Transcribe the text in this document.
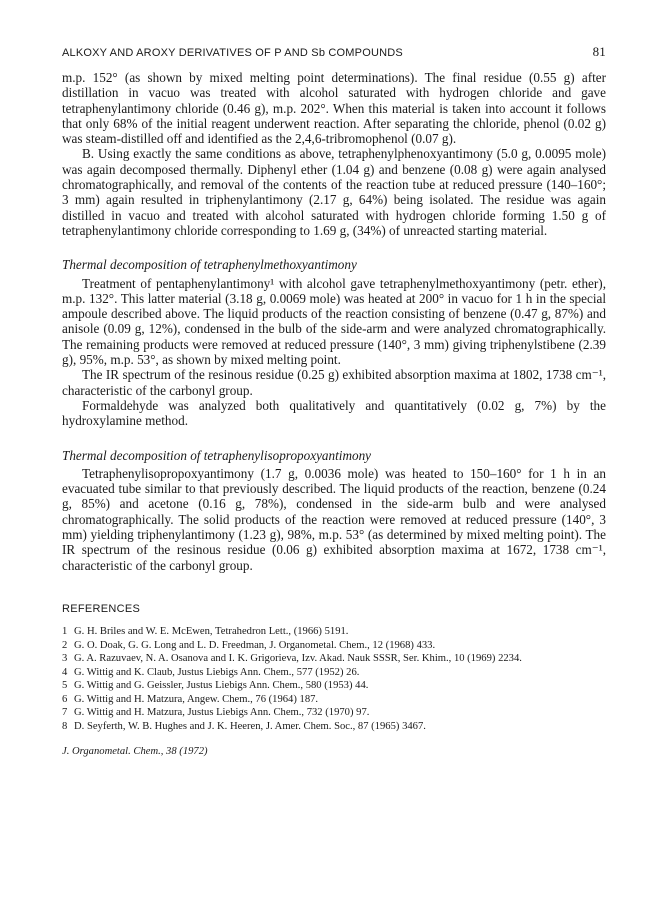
ALKOXY AND AROXY DERIVATIVES OF P AND Sb COMPOUNDS	81

m.p. 152° (as shown by mixed melting point determinations). The final residue (0.55 g) after distillation in vacuo was treated with alcohol saturated with hydrogen chloride and gave tetraphenylantimony chloride (0.46 g), m.p. 202°. When this material is taken into account it follows that only 68% of the initial reagent underwent reaction. After separating the chloride, phenol (0.02 g) was steam-distilled off and identified as the 2,4,6-tribromophenol (0.07 g).

B. Using exactly the same conditions as above, tetraphenylphenoxyantimony (5.0 g, 0.0095 mole) was again decomposed thermally. Diphenyl ether (1.04 g) and benzene (0.08 g) were again analysed chromatographically, and removal of the contents of the reaction tube at reduced pressure (140–160°; 3 mm) again resulted in triphenylantimony (2.17 g, 64%) being isolated. The residue was again distilled in vacuo and treated with alcohol saturated with hydrogen chloride forming 1.50 g of tetraphenylantimony chloride corresponding to 1.69 g, (34%) of unreacted starting material.

Thermal decomposition of tetraphenylmethoxyantimony

Treatment of pentaphenylantimony¹ with alcohol gave tetraphenylmethoxyantimony (petr. ether), m.p. 132°. This latter material (3.18 g, 0.0069 mole) was heated at 200° in vacuo for 1 h in the special ampoule described above. The liquid products of the reaction consisting of benzene (0.47 g, 87%) and anisole (0.09 g, 12%), condensed in the bulb of the side-arm and were analyzed chromatographically. The remaining products were removed at reduced pressure (140°, 3 mm) giving triphenylstibene (2.39 g), 95%, m.p. 53°, as shown by mixed melting point.

The IR spectrum of the resinous residue (0.25 g) exhibited absorption maxima at 1802, 1738 cm⁻¹, characteristic of the carbonyl group.

Formaldehyde was analyzed both qualitatively and quantitatively (0.02 g, 7%) by the hydroxylamine method.

Thermal decomposition of tetraphenylisopropoxyantimony

Tetraphenylisopropoxyantimony (1.7 g, 0.0036 mole) was heated to 150–160° for 1 h in an evacuated tube similar to that previously described. The liquid products of the reaction, benzene (0.24 g, 85%) and acetone (0.16 g, 78%), condensed in the side-arm bulb and were analysed chromatographically. The solid products of the reaction were removed at reduced pressure (140°, 3 mm) yielding triphenylantimony (1.23 g), 98%, m.p. 53° (as determined by mixed melting point). The IR spectrum of the resinous residue (0.06 g) exhibited absorption maxima at 1672, 1738 cm⁻¹, characteristic of the carbonyl group.

REFERENCES
1 G. H. Briles and W. E. McEwen, Tetrahedron Lett., (1966) 5191.
2 G. O. Doak, G. G. Long and L. D. Freedman, J. Organometal. Chem., 12 (1968) 433.
3 G. A. Razuvaev, N. A. Osanova and I. K. Grigorieva, Izv. Akad. Nauk SSSR, Ser. Khim., 10 (1969) 2234.
4 G. Wittig and K. Claub, Justus Liebigs Ann. Chem., 577 (1952) 26.
5 G. Wittig and G. Geissler, Justus Liebigs Ann. Chem., 580 (1953) 44.
6 G. Wittig and H. Matzura, Angew. Chem., 76 (1964) 187.
7 G. Wittig and H. Matzura, Justus Liebigs Ann. Chem., 732 (1970) 97.
8 D. Seyferth, W. B. Hughes and J. K. Heeren, J. Amer. Chem. Soc., 87 (1965) 3467.
J. Organometal. Chem., 38 (1972)
